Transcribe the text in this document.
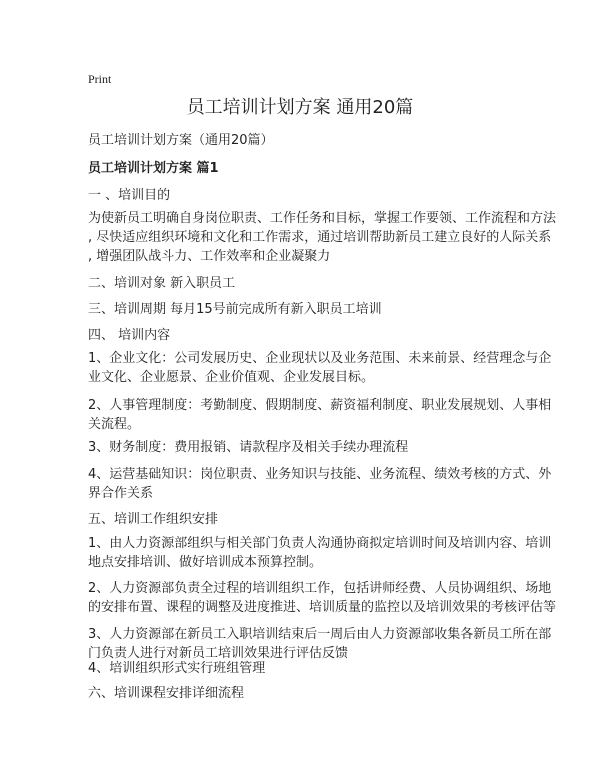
Print
员工培训计划方案 通用20篇
员工培训计划方案（通用20篇）
员工培训计划方案 篇1
一 、培训目的
为使新员工明确自身岗位职责、工作任务和目标，掌握工作要领、工作流程和方法
, 尽快适应组织环境和文化和工作需求，通过培训帮助新员工建立良好的人际关系
, 增强团队战斗力、工作效率和企业凝聚力
二、培训对象 新入职员工
三、培训周期 每月15号前完成所有新入职员工培训
四、 培训内容
1、企业文化：公司发展历史、企业现状以及业务范围、未来前景、经营理念与企
业文化、企业愿景、企业价值观、企业发展目标。
2、人事管理制度：考勤制度、假期制度、薪资福利制度、职业发展规划、人事相
关流程。
3、财务制度：费用报销、请款程序及相关手续办理流程
4、运营基础知识：岗位职责、业务知识与技能、业务流程、绩效考核的方式、外
界合作关系
五、培训工作组织安排
1、由人力资源部组织与相关部门负责人沟通协商拟定培训时间及培训内容、培训
地点安排培训、做好培训成本预算控制。
2、人力资源部负责全过程的培训组织工作，包括讲师经费、人员协调组织、场地
的安排布置、课程的调整及进度推进、培训质量的监控以及培训效果的考核评估等
3、人力资源部在新员工入职培训结束后一周后由人力资源部收集各新员工所在部
门负责人进行对新员工培训效果进行评估反馈
4、培训组织形式实行班组管理
六、培训课程安排详细流程
